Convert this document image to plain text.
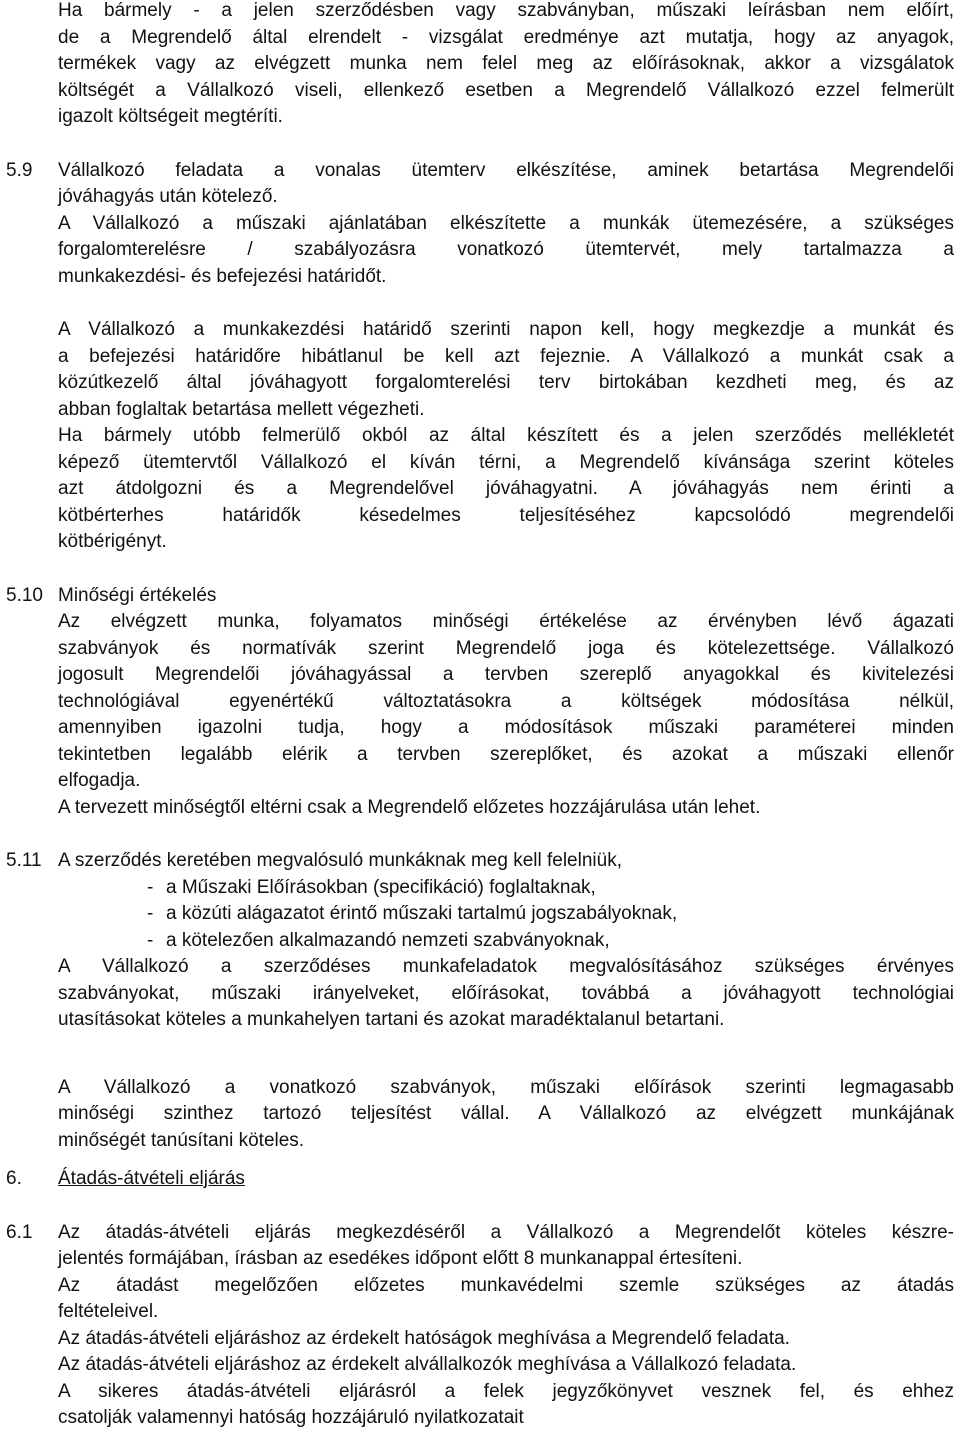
Ha bármely - a jelen szerződésben vagy szabványban, műszaki leírásban nem előírt,
de a Megrendelő által elrendelt - vizsgálat eredménye azt mutatja, hogy az anyagok,
termékek vagy az elvégzett munka nem felel meg az előírásoknak, akkor a vizsgálatok
költségét a Vállalkozó viseli, ellenkező esetben a Megrendelő Vállalkozó ezzel felmerült
igazolt költségeit megtéríti.
5.9 Vállalkozó feladata a vonalas ütemterv elkészítése, aminek betartása Megrendelői
jóváhagyás után kötelező.
A Vállalkozó a műszaki ajánlatában elkészítette a munkák ütemezésére, a szükséges
forgalomterelésre / szabályozásra vonatkozó ütemtervét, mely tartalmazza a
munkakezdési- és befejezési határidőt.
A Vállalkozó a munkakezdési határidő szerinti napon kell, hogy megkezdje a munkát és
a befejezési határidőre hibátlanul be kell azt fejeznie. A Vállalkozó a munkát csak a
közútkezelő által jóváhagyott forgalomterelési terv birtokában kezdheti meg, és az
abban foglaltak betartása mellett végezheti.
Ha bármely utóbb felmerülő okból az által készített és a jelen szerződés mellékletét
képező ütemtervtől Vállalkozó el kíván térni, a Megrendelő kívánsága szerint köteles
azt átdolgozni és a Megrendelővel jóváhagyatni. A jóváhagyás nem érinti a
kötbérterhes határidők késedelmes teljesítéséhez kapcsolódó megrendelői
kötbérigényt.
5.10 Minőségi értékelés
Az elvégzett munka, folyamatos minőségi értékelése az érvényben lévő ágazati
szabványok és normatívák szerint Megrendelő joga és kötelezettsége. Vállalkozó
jogosult Megrendelői jóváhagyással a tervben szereplő anyagokkal és kivitelezési
technológiával egyenértékű változtatásokra a költségek módosítása nélkül,
amennyiben igazolni tudja, hogy a módosítások műszaki paraméterei minden
tekintetben legalább elérik a tervben szereplőket, és azokat a műszaki ellenőr
elfogadja.
A tervezett minőségtől eltérni csak a Megrendelő előzetes hozzájárulása után lehet.
5.11 A szerződés keretében megvalósuló munkáknak meg kell felelniük,
- a Műszaki Előírásokban (specifikáció) foglaltaknak,
- a közúti alágazatot érintő műszaki tartalmú jogszabályoknak,
- a kötelezően alkalmazandó nemzeti szabványoknak,
A Vállalkozó a szerződéses munkafeladatok megvalósításához szükséges érvényes
szabványokat, műszaki irányelveket, előírásokat, továbbá a jóváhagyott technológiai
utasításokat köteles a munkahelyen tartani és azokat maradéktalanul betartani.
A Vállalkozó a vonatkozó szabványok, műszaki előírások szerinti legmagasabb
minőségi szinthez tartozó teljesítést vállal. A Vállalkozó az elvégzett munkájának
minőségét tanúsítani köteles.
6. Átadás-átvételi eljárás
6.1 Az átadás-átvételi eljárás megkezdéséről a Vállalkozó a Megrendelőt köteles készre-
jelentés formájában, írásban az esedékes időpont előtt 8 munkanappal értesíteni.
Az átadást megelőzően előzetes munkavédelmi szemle szükséges az átadás
feltételeivel.
Az átadás-átvételi eljáráshoz az érdekelt hatóságok meghívása a Megrendelő feladata.
Az átadás-átvételi eljáráshoz az érdekelt alvállalkozók meghívása a Vállalkozó feladata.
A sikeres átadás-átvételi eljárásról a felek jegyzőkönyvet vesznek fel, és ehhez
csatolják valamennyi hatóság hozzájáruló nyilatkozatait
